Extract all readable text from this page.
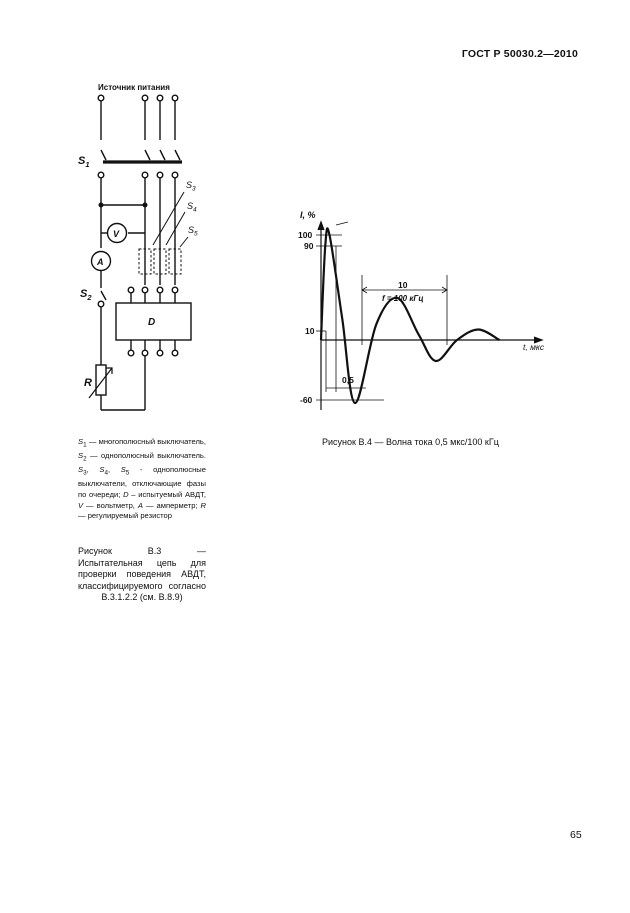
ГОСТ Р 50030.2—2010
Источник питания
$S_1$
$S_2$
$S_3$
$S_4$
$S_5$
V
A
D
R
I, %
t, мкс
100
90
10
-60
10
f = 100 кГц
0,5
$S_1$ — многополюсный выключатель, $S_2$ — однополюсный выключатель. $S_3$, $S_4$, $S_5$ - однополюсные выключатели, отключающие фазы по очереди; D – испытуемый АВДТ, V — вольтметр, A — амперметр; R — регулируемый резистор
Рисунок B.3 — Испытательная цепь для проверки поведения АВДТ, классифицируемого согласно B.3.1.2.2 (см. B.8.9)
Рисунок B.4 — Волна тока 0,5 мкс/100 кГц
65
